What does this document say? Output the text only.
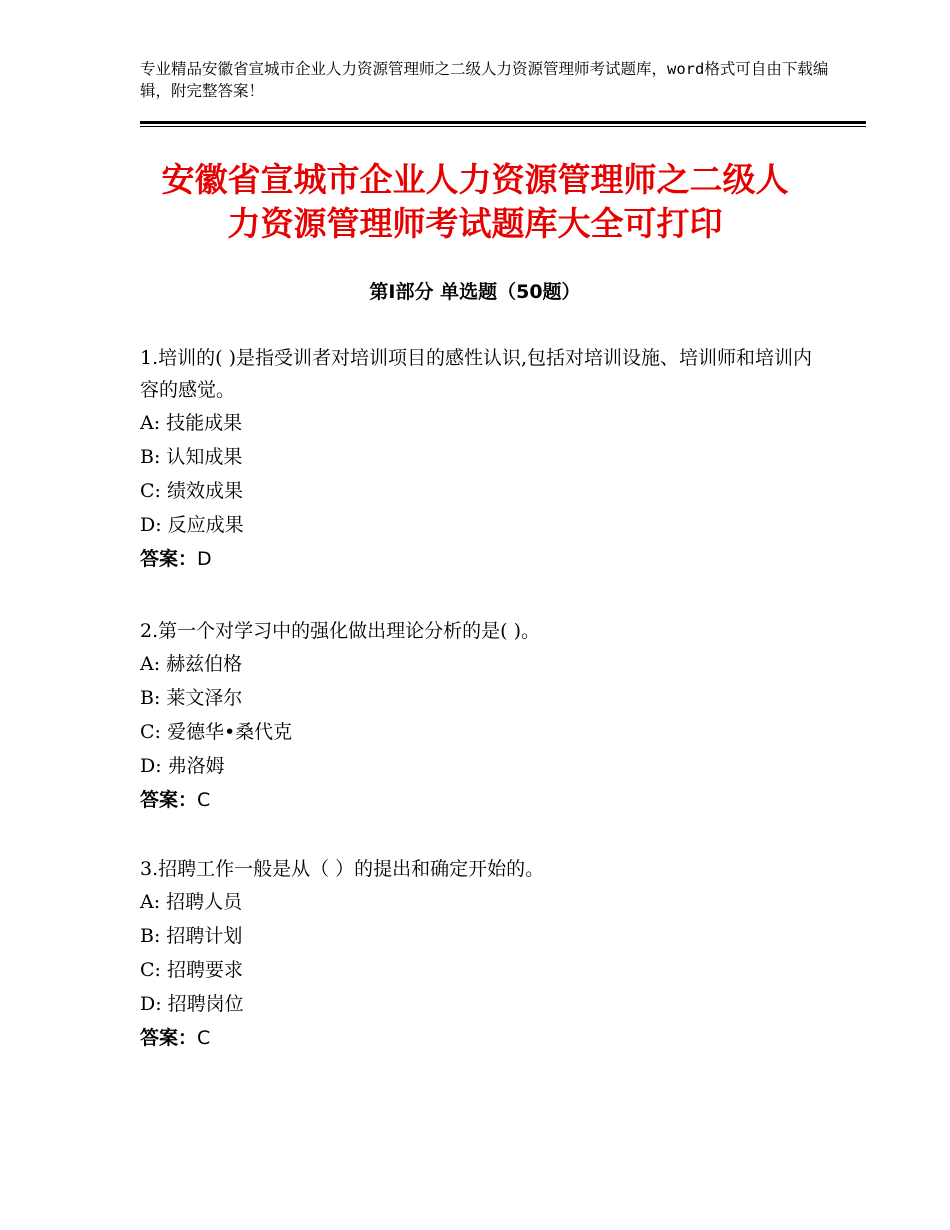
专业精品安徽省宣城市企业人力资源管理师之二级人力资源管理师考试题库，word格式可自由下载编辑，附完整答案！
安徽省宣城市企业人力资源管理师之二级人
力资源管理师考试题库大全可打印
第Ⅰ部分 单选题（50题）
1.培训的( )是指受训者对培训项目的感性认识,包括对培训设施、培训师和培训内容的感觉。
A: 技能成果
B: 认知成果
C: 绩效成果
D: 反应成果
答案：D
2.第一个对学习中的强化做出理论分析的是( )。
A: 赫兹伯格
B: 莱文泽尔
C: 爱德华•桑代克
D: 弗洛姆
答案：C
3.招聘工作一般是从（ ）的提出和确定开始的。
A: 招聘人员
B: 招聘计划
C: 招聘要求
D: 招聘岗位
答案：C
